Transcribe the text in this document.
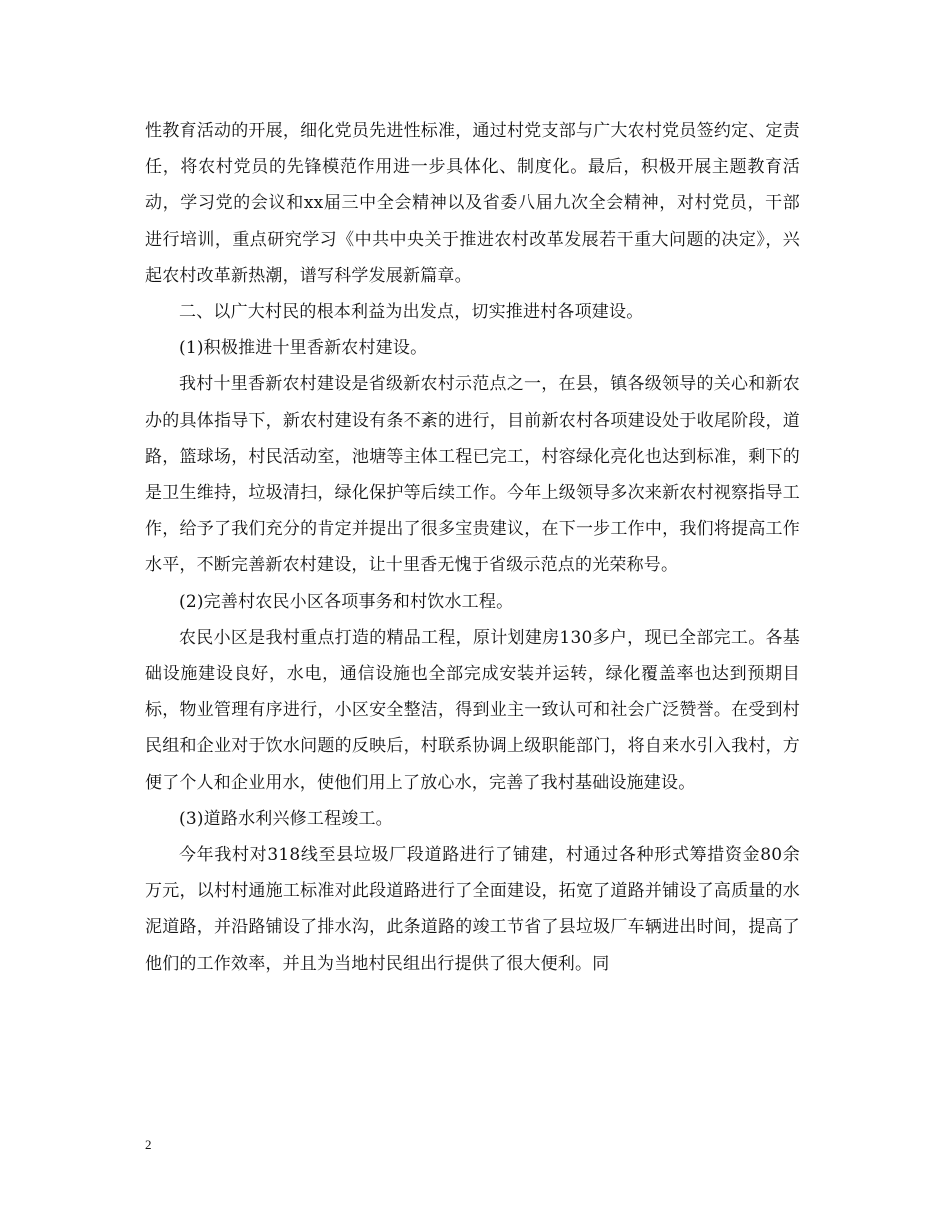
性教育活动的开展，细化党员先进性标准，通过村党支部与广大农村党员签约定、定责任，将农村党员的先锋模范作用进一步具体化、制度化。最后，积极开展主题教育活动，学习党的会议和xx届三中全会精神以及省委八届九次全会精神，对村党员，干部进行培训，重点研究学习《中共中央关于推进农村改革发展若干重大问题的决定》，兴起农村改革新热潮，谱写科学发展新篇章。

二、以广大村民的根本利益为出发点，切实推进村各项建设。

(1)积极推进十里香新农村建设。

我村十里香新农村建设是省级新农村示范点之一，在县，镇各级领导的关心和新农办的具体指导下，新农村建设有条不紊的进行，目前新农村各项建设处于收尾阶段，道路，篮球场，村民活动室，池塘等主体工程已完工，村容绿化亮化也达到标准，剩下的是卫生维持，垃圾清扫，绿化保护等后续工作。今年上级领导多次来新农村视察指导工作，给予了我们充分的肯定并提出了很多宝贵建议，在下一步工作中，我们将提高工作水平，不断完善新农村建设，让十里香无愧于省级示范点的光荣称号。

(2)完善村农民小区各项事务和村饮水工程。

农民小区是我村重点打造的精品工程，原计划建房130多户，现已全部完工。各基础设施建设良好，水电，通信设施也全部完成安装并运转，绿化覆盖率也达到预期目标，物业管理有序进行，小区安全整洁，得到业主一致认可和社会广泛赞誉。在受到村民组和企业对于饮水问题的反映后，村联系协调上级职能部门，将自来水引入我村，方便了个人和企业用水，使他们用上了放心水，完善了我村基础设施建设。

(3)道路水利兴修工程竣工。

今年我村对318线至县垃圾厂段道路进行了铺建，村通过各种形式筹措资金80余万元，以村村通施工标准对此段道路进行了全面建设，拓宽了道路并铺设了高质量的水泥道路，并沿路铺设了排水沟，此条道路的竣工节省了县垃圾厂车辆进出时间，提高了他们的工作效率，并且为当地村民组出行提供了很大便利。同

2
